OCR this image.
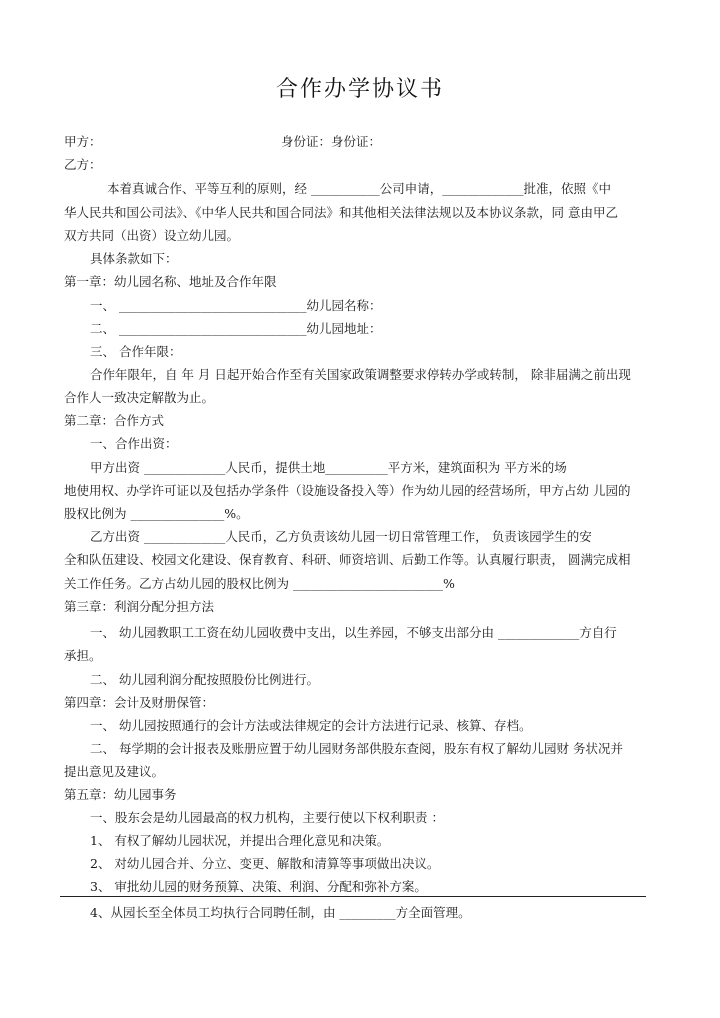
合作办学协议书
甲方：	身份证：身份证：
乙方：
本着真诚合作、平等互利的原则，经 ___________公司申请，_____________批准，依照《中
华人民共和国公司法》、《中华人民共和国合同法》和其他相关法律法规以及本协议条款，同 意由甲乙
双方共同（出资）设立幼儿园。
具体条款如下：
第一章：幼儿园名称、地址及合作年限
一、 ______________________________幼儿园名称：
二、 ______________________________幼儿园地址：
三、 合作年限：
合作年限年，自 年 月 日起开始合作至有关国家政策调整要求停转办学或转制， 除非届满之前出现
合作人一致决定解散为止。
第二章：合作方式
一、合作出资：
甲方出资 _____________人民币，提供土地__________平方米，建筑面积为 平方米的场
地使用权、办学许可证以及包括办学条件（设施设备投入等）作为幼儿园的经营场所，甲方占幼 儿园的
股权比例为 _______________%。
乙方出资 _____________人民币，乙方负责该幼儿园一切日常管理工作， 负责该园学生的安
全和队伍建设、校园文化建设、保育教育、科研、师资培训、后勤工作等。认真履行职责， 圆满完成相
关工作任务。乙方占幼儿园的股权比例为 ________________________%
第三章：利润分配分担方法
一、 幼儿园教职工工资在幼儿园收费中支出，以生养园，不够支出部分由 _____________方自行
承担。
二、 幼儿园利润分配按照股份比例进行。
第四章：会计及财册保管：
一、 幼儿园按照通行的会计方法或法律规定的会计方法进行记录、核算、存档。
二、 每学期的会计报表及账册应置于幼儿园财务部供股东查阅，股东有权了解幼儿园财 务状况并
提出意见及建议。
第五章：幼儿园事务
一、股东会是幼儿园最高的权力机构，主要行使以下权利职责 ：
1、 有权了解幼儿园状况，并提出合理化意见和决策。
2、 对幼儿园合并、分立、变更、解散和清算等事项做出决议。
3、 审批幼儿园的财务预算、决策、利润、分配和弥补方案。
4、从园长至全体员工均执行合同聘任制，由 _________方全面管理。
